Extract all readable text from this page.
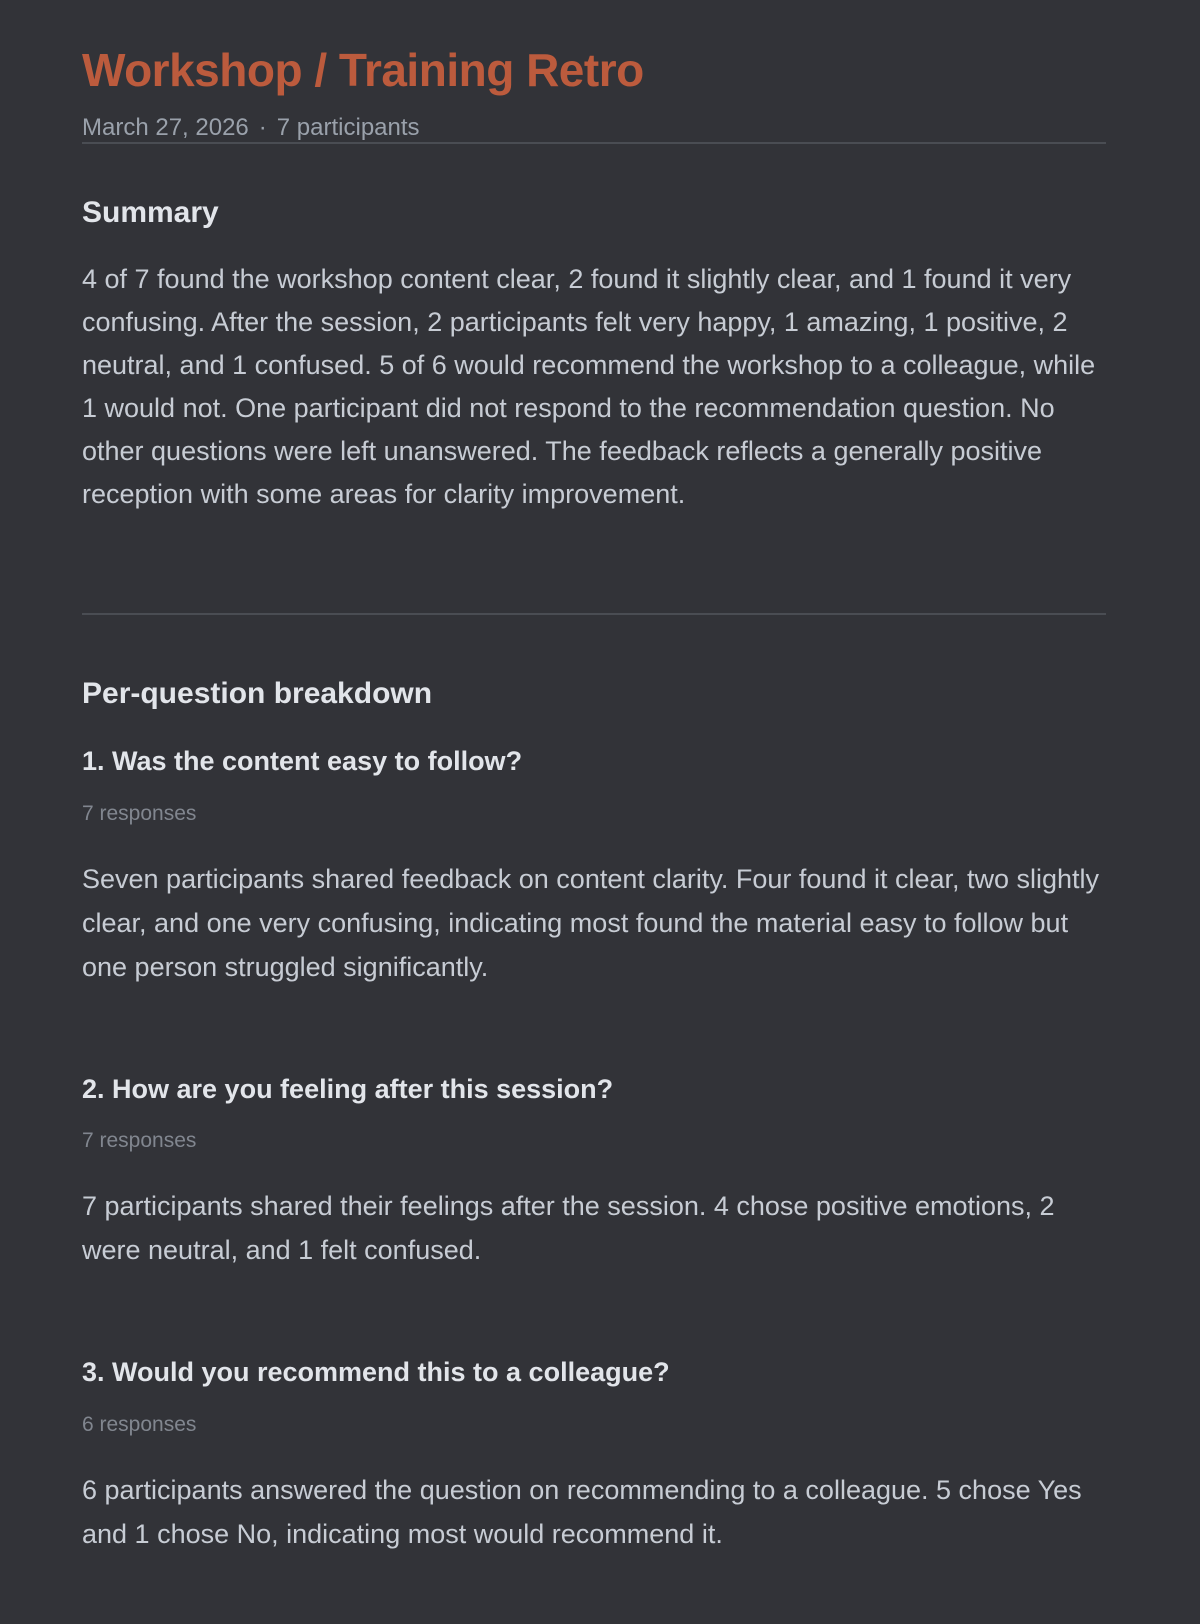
Workshop / Training Retro
March 27, 2026 · 7 participants
Summary

4 of 7 found the workshop content clear, 2 found it slightly clear, and 1 found it very confusing. After the session, 2 participants felt very happy, 1 amazing, 1 positive, 2 neutral, and 1 confused. 5 of 6 would recommend the workshop to a colleague, while 1 would not. One participant did not respond to the recommendation question. No other questions were left unanswered. The feedback reflects a generally positive reception with some areas for clarity improvement.

Per-question breakdown
1. Was the content easy to follow?
7 responses

Seven participants shared feedback on content clarity. Four found it clear, two slightly clear, and one very confusing, indicating most found the material easy to follow but one person struggled significantly.

2. How are you feeling after this session?
7 responses

7 participants shared their feelings after the session. 4 chose positive emotions, 2 were neutral, and 1 felt confused.

3. Would you recommend this to a colleague?
6 responses

6 participants answered the question on recommending to a colleague. 5 chose Yes and 1 chose No, indicating most would recommend it.
